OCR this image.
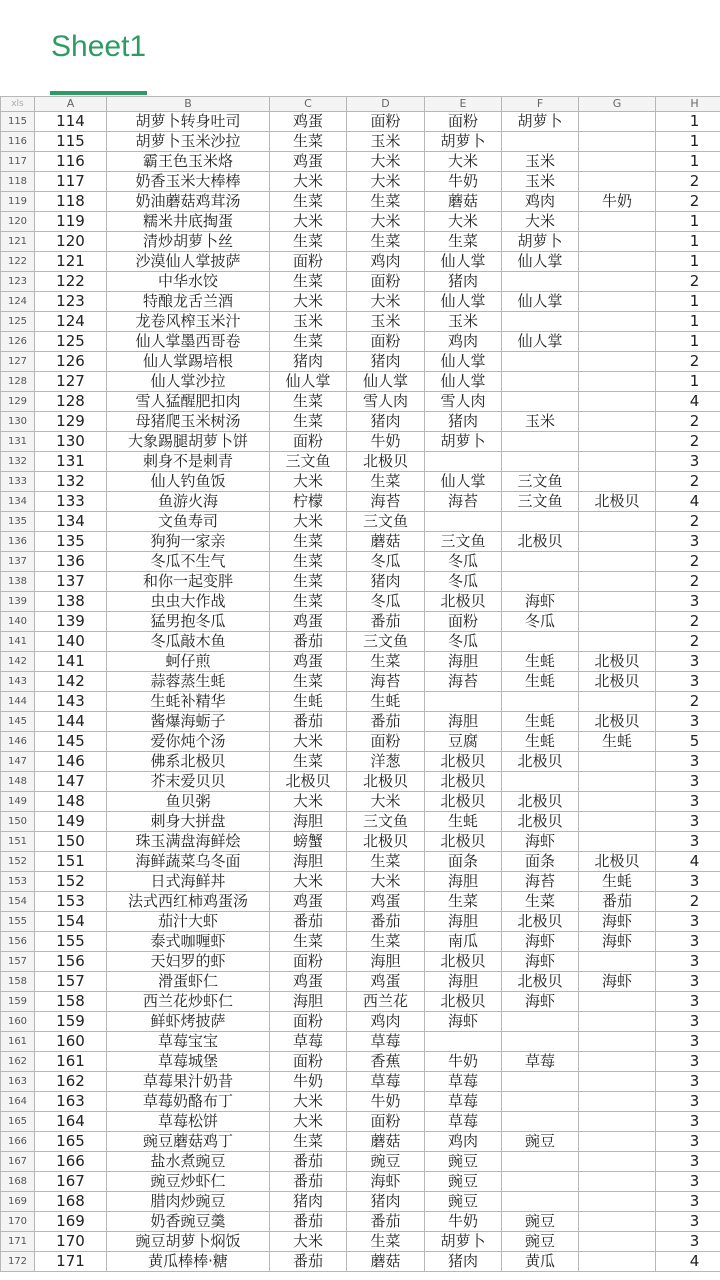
Sheet1
xls	A	B	C	D	E	F	G	H
115	114	胡萝卜转身吐司	鸡蛋	面粉	面粉	胡萝卜		1
116	115	胡萝卜玉米沙拉	生菜	玉米	胡萝卜			1
117	116	霸王色玉米烙	鸡蛋	大米	大米	玉米		1
118	117	奶香玉米大棒棒	大米	大米	牛奶	玉米		2
119	118	奶油蘑菇鸡茸汤	生菜	生菜	蘑菇	鸡肉	牛奶	2
120	119	糯米井底掏蛋	大米	大米	大米	大米		1
121	120	清炒胡萝卜丝	生菜	生菜	生菜	胡萝卜		1
122	121	沙漠仙人掌披萨	面粉	鸡肉	仙人掌	仙人掌		1
123	122	中华水饺	生菜	面粉	猪肉			2
124	123	特酿龙舌兰酒	大米	大米	仙人掌	仙人掌		1
125	124	龙卷风榨玉米汁	玉米	玉米	玉米			1
126	125	仙人掌墨西哥卷	生菜	面粉	鸡肉	仙人掌		1
127	126	仙人掌踢培根	猪肉	猪肉	仙人掌			2
128	127	仙人掌沙拉	仙人掌	仙人掌	仙人掌			1
129	128	雪人猛醒肥扣肉	生菜	雪人肉	雪人肉			4
130	129	母猪爬玉米树汤	生菜	猪肉	猪肉	玉米		2
131	130	大象踢腿胡萝卜饼	面粉	牛奶	胡萝卜			2
132	131	刺身不是刺青	三文鱼	北极贝				3
133	132	仙人钓鱼饭	大米	生菜	仙人掌	三文鱼		2
134	133	鱼游火海	柠檬	海苔	海苔	三文鱼	北极贝	4
135	134	文鱼寿司	大米	三文鱼				2
136	135	狗狗一家亲	生菜	蘑菇	三文鱼	北极贝		3
137	136	冬瓜不生气	生菜	冬瓜	冬瓜			2
138	137	和你一起变胖	生菜	猪肉	冬瓜			2
139	138	虫虫大作战	生菜	冬瓜	北极贝	海虾		3
140	139	猛男抱冬瓜	鸡蛋	番茄	面粉	冬瓜		2
141	140	冬瓜敲木鱼	番茄	三文鱼	冬瓜			2
142	141	蚵仔煎	鸡蛋	生菜	海胆	生蚝	北极贝	3
143	142	蒜蓉蒸生蚝	生菜	海苔	海苔	生蚝	北极贝	3
144	143	生蚝补精华	生蚝	生蚝				2
145	144	酱爆海蛎子	番茄	番茄	海胆	生蚝	北极贝	3
146	145	爱你炖个汤	大米	面粉	豆腐	生蚝	生蚝	5
147	146	佛系北极贝	生菜	洋葱	北极贝	北极贝		3
148	147	芥末爱贝贝	北极贝	北极贝	北极贝			3
149	148	鱼贝粥	大米	大米	北极贝	北极贝		3
150	149	刺身大拼盘	海胆	三文鱼	生蚝	北极贝		3
151	150	珠玉满盘海鲜烩	螃蟹	北极贝	北极贝	海虾		3
152	151	海鲜蔬菜乌冬面	海胆	生菜	面条	面条	北极贝	4
153	152	日式海鲜丼	大米	大米	海胆	海苔	生蚝	3
154	153	法式西红柿鸡蛋汤	鸡蛋	鸡蛋	生菜	生菜	番茄	2
155	154	茄汁大虾	番茄	番茄	海胆	北极贝	海虾	3
156	155	泰式咖喱虾	生菜	生菜	南瓜	海虾	海虾	3
157	156	天妇罗的虾	面粉	海胆	北极贝	海虾		3
158	157	滑蛋虾仁	鸡蛋	鸡蛋	海胆	北极贝	海虾	3
159	158	西兰花炒虾仁	海胆	西兰花	北极贝	海虾		3
160	159	鲜虾烤披萨	面粉	鸡肉	海虾			3
161	160	草莓宝宝	草莓	草莓				3
162	161	草莓城堡	面粉	香蕉	牛奶	草莓		3
163	162	草莓果汁奶昔	牛奶	草莓	草莓			3
164	163	草莓奶酪布丁	大米	牛奶	草莓			3
165	164	草莓松饼	大米	面粉	草莓			3
166	165	豌豆蘑菇鸡丁	生菜	蘑菇	鸡肉	豌豆		3
167	166	盐水煮豌豆	番茄	豌豆	豌豆			3
168	167	豌豆炒虾仁	番茄	海虾	豌豆			3
169	168	腊肉炒豌豆	猪肉	猪肉	豌豆			3
170	169	奶香豌豆羹	番茄	番茄	牛奶	豌豆		3
171	170	豌豆胡萝卜焖饭	大米	生菜	胡萝卜	豌豆		3
172	171	黄瓜棒棒·糖	番茄	蘑菇	猪肉	黄瓜		4
